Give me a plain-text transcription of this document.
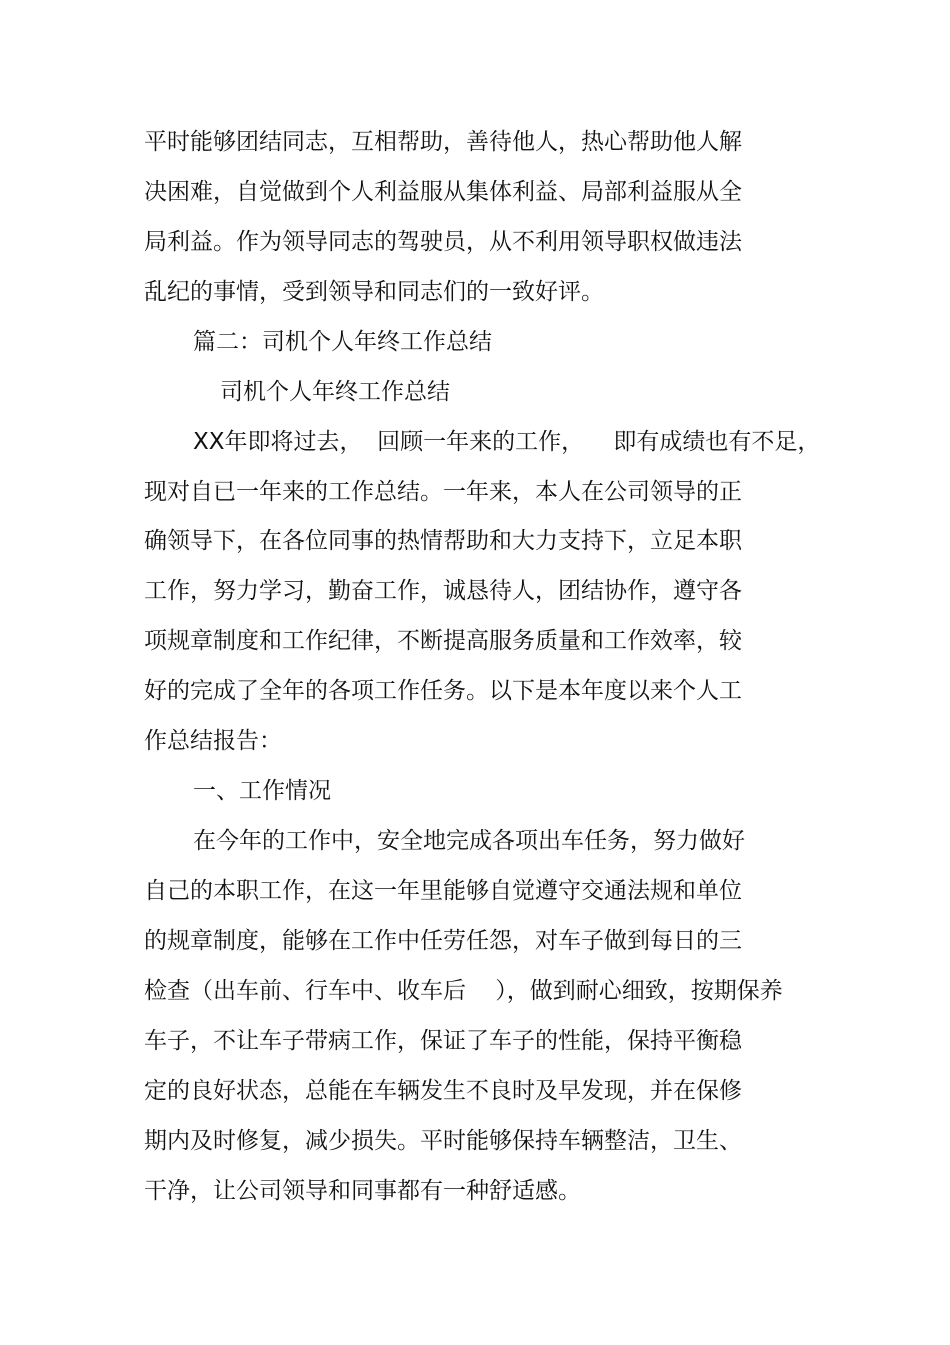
平时能够团结同志，互相帮助，善待他人，热心帮助他人解
决困难，自觉做到个人利益服从集体利益、局部利益服从全
局利益。作为领导同志的驾驶员，从不利用领导职权做违法
乱纪的事情，受到领导和同志们的一致好评。
篇二：司机个人年终工作总结
司机个人年终工作总结
XX年即将过去，  回顾一年来的工作，    即有成绩也有不足，
现对自已一年来的工作总结。一年来，本人在公司领导的正
确领导下，在各位同事的热情帮助和大力支持下，立足本职
工作，努力学习，勤奋工作，诚恳待人，团结协作，遵守各
项规章制度和工作纪律，不断提高服务质量和工作效率，较
好的完成了全年的各项工作任务。以下是本年度以来个人工
作总结报告：
一、工作情况
在今年的工作中，安全地完成各项出车任务，努力做好
自己的本职工作，在这一年里能够自觉遵守交通法规和单位
的规章制度，能够在工作中任劳任怨，对车子做到每日的三
检查（出车前、行车中、收车后    ），做到耐心细致，按期保养
车子，不让车子带病工作，保证了车子的性能，保持平衡稳
定的良好状态，总能在车辆发生不良时及早发现，并在保修
期内及时修复，减少损失。平时能够保持车辆整洁，卫生、
干净，让公司领导和同事都有一种舒适感。
